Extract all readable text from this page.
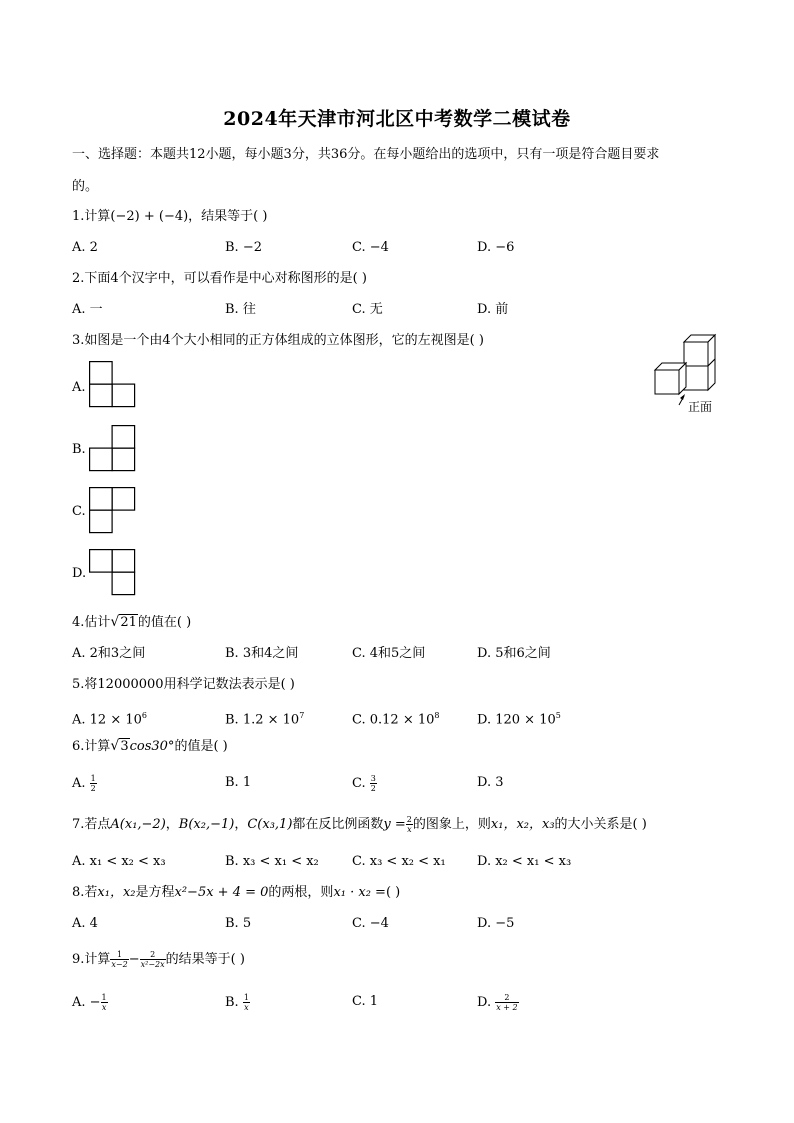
2024年天津市河北区中考数学二模试卷
一、选择题：本题共12小题，每小题3分，共36分。在每小题给出的选项中，只有一项是符合题目要求
的。
1.计算(−2) + (−4)，结果等于( )
A. 2	B. −2	C. −4	D. −6
2.下面4个汉字中，可以看作是中心对称图形的是( )
A. 一	B. 往	C. 无	D. 前
3.如图是一个由4个大小相同的正方体组成的立体图形，它的左视图是( )
A.
B.
C.
D.
正面
4.估计√21的值在( )
A. 2和3之间	B. 3和4之间	C. 4和5之间	D. 5和6之间
5.将12000000用科学记数法表示是( )
A. $12 \times 10^6$	B. $1.2 \times 10^7$	C. $0.12 \times 10^8$	D. $120 \times 10^5$
6.计算√3cos30°的值是( )
A. $\frac{1}{2}$	B. 1	C. $\frac{3}{2}$	D. 3
7.若点A(x₁,−2)，B(x₂,−1)，C(x₃,1)都在反比例函数$y = \frac{2}{x}$ 的图象上，则x₁，x₂，x₃的大小关系是( )
A. x₁ < x₂ < x₃	B. x₃ < x₁ < x₂	C. x₃ < x₂ < x₁ D. x₂ < x₁ < x₃
8.若x₁，x₂是方程x²−5x + 4 = 0的两根，则x₁ · x₂ =( )
A. 4	B. 5	C. −4	D. −5
9.计算 $\frac{1}{x-2} - \frac{2}{\text{x²−2x}}$ 的结果等于( )
A. − $\frac{1}{x}$	B. $\frac{1}{x}$	C. 1	D. $\frac{2}{x + 2}$
